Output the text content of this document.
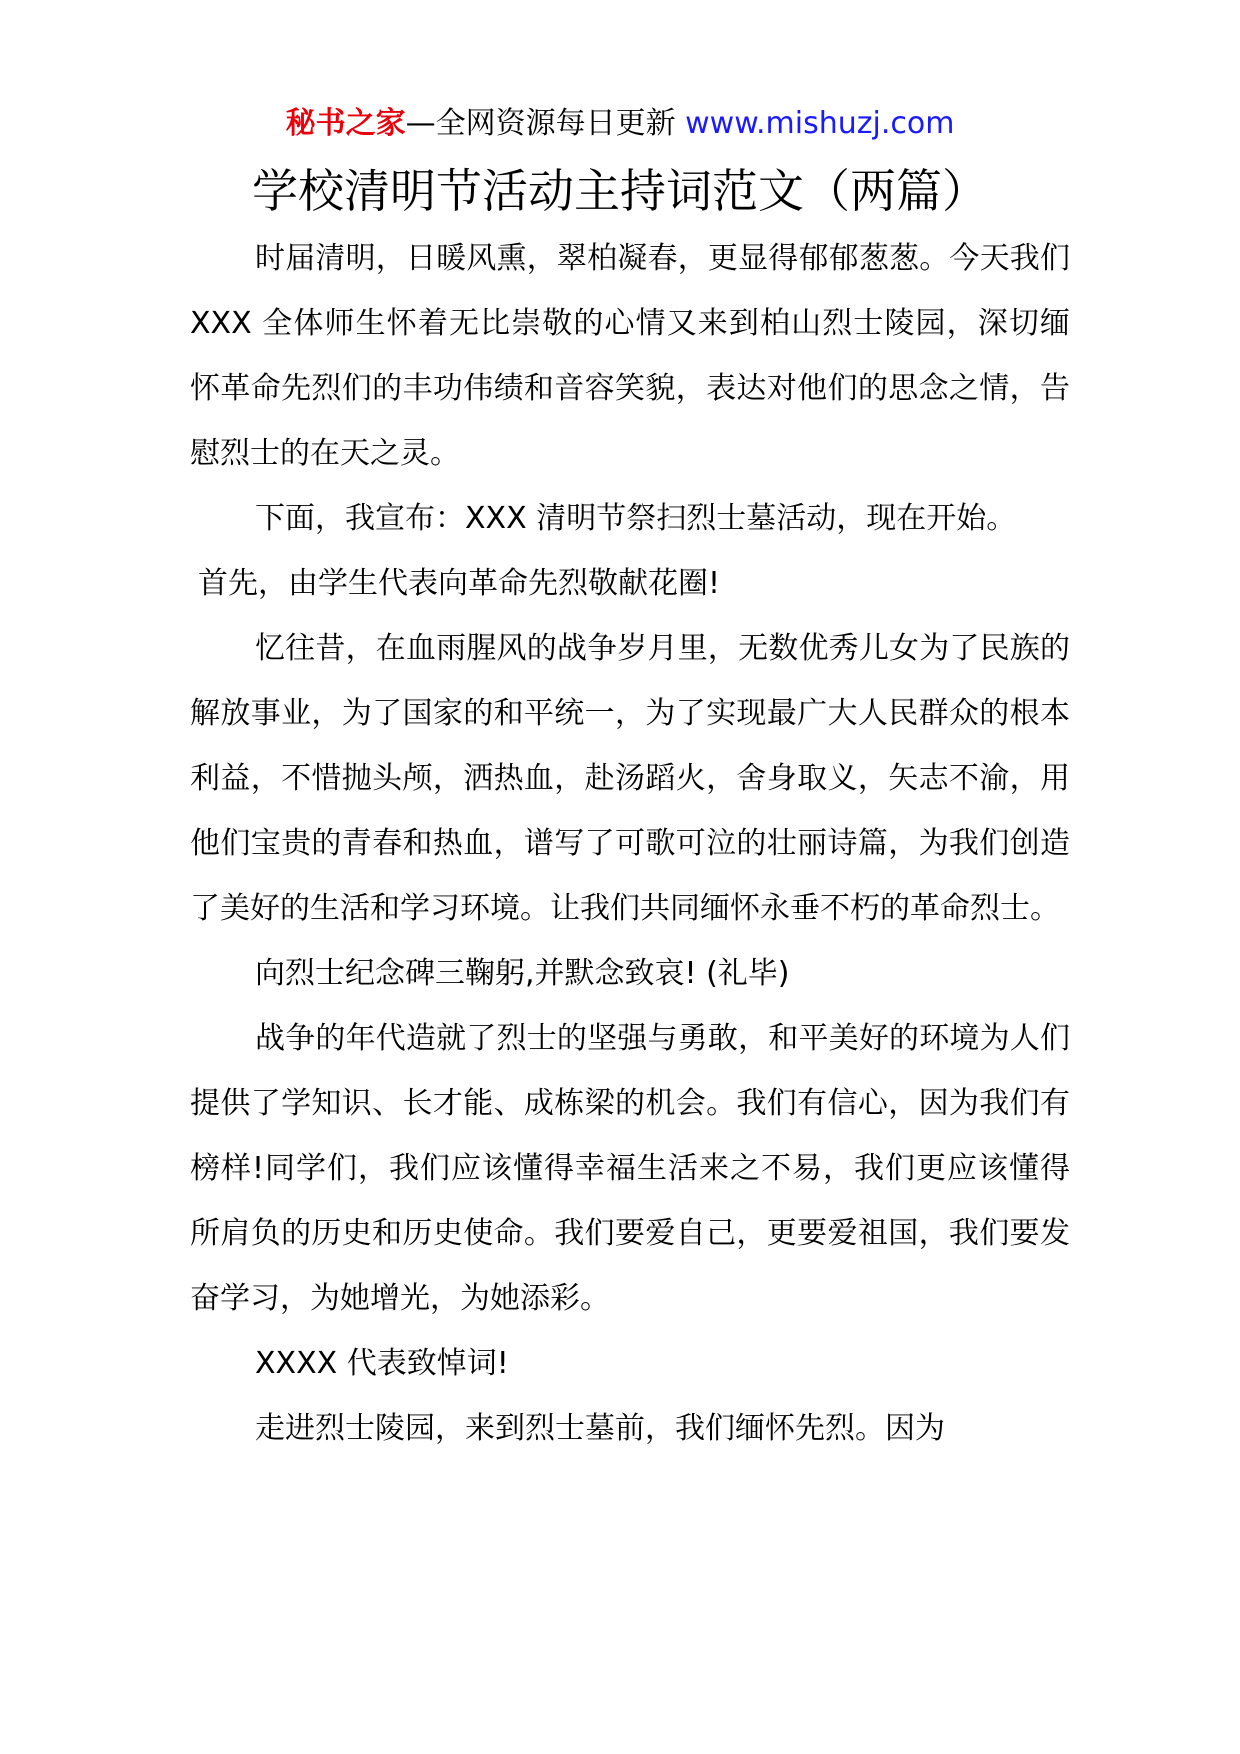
秘书之家—全网资源每日更新 www.mishuzj.com
学校清明节活动主持词范文（两篇）

时届清明，日暖风熏，翠柏凝春，更显得郁郁葱葱。今天我们 XXX 全体师生怀着无比崇敬的心情又来到柏山烈士陵园，深切缅怀革命先烈们的丰功伟绩和音容笑貌，表达对他们的思念之情，告慰烈士的在天之灵。

下面，我宣布：XXX 清明节祭扫烈士墓活动，现在开始。

首先，由学生代表向革命先烈敬献花圈!

忆往昔，在血雨腥风的战争岁月里，无数优秀儿女为了民族的解放事业，为了国家的和平统一，为了实现最广大人民群众的根本利益，不惜抛头颅，洒热血，赴汤蹈火，舍身取义，矢志不渝，用他们宝贵的青春和热血，谱写了可歌可泣的壮丽诗篇，为我们创造了美好的生活和学习环境。让我们共同缅怀永垂不朽的革命烈士。

向烈士纪念碑三鞠躬,并默念致哀! (礼毕)

战争的年代造就了烈士的坚强与勇敢，和平美好的环境为人们提供了学知识、长才能、成栋梁的机会。我们有信心，因为我们有榜样!同学们，我们应该懂得幸福生活来之不易，我们更应该懂得所肩负的历史和历史使命。我们要爱自己，更要爱祖国，我们要发奋学习，为她增光，为她添彩。

XXXX 代表致悼词!

走进烈士陵园，来到烈士墓前，我们缅怀先烈。因为
